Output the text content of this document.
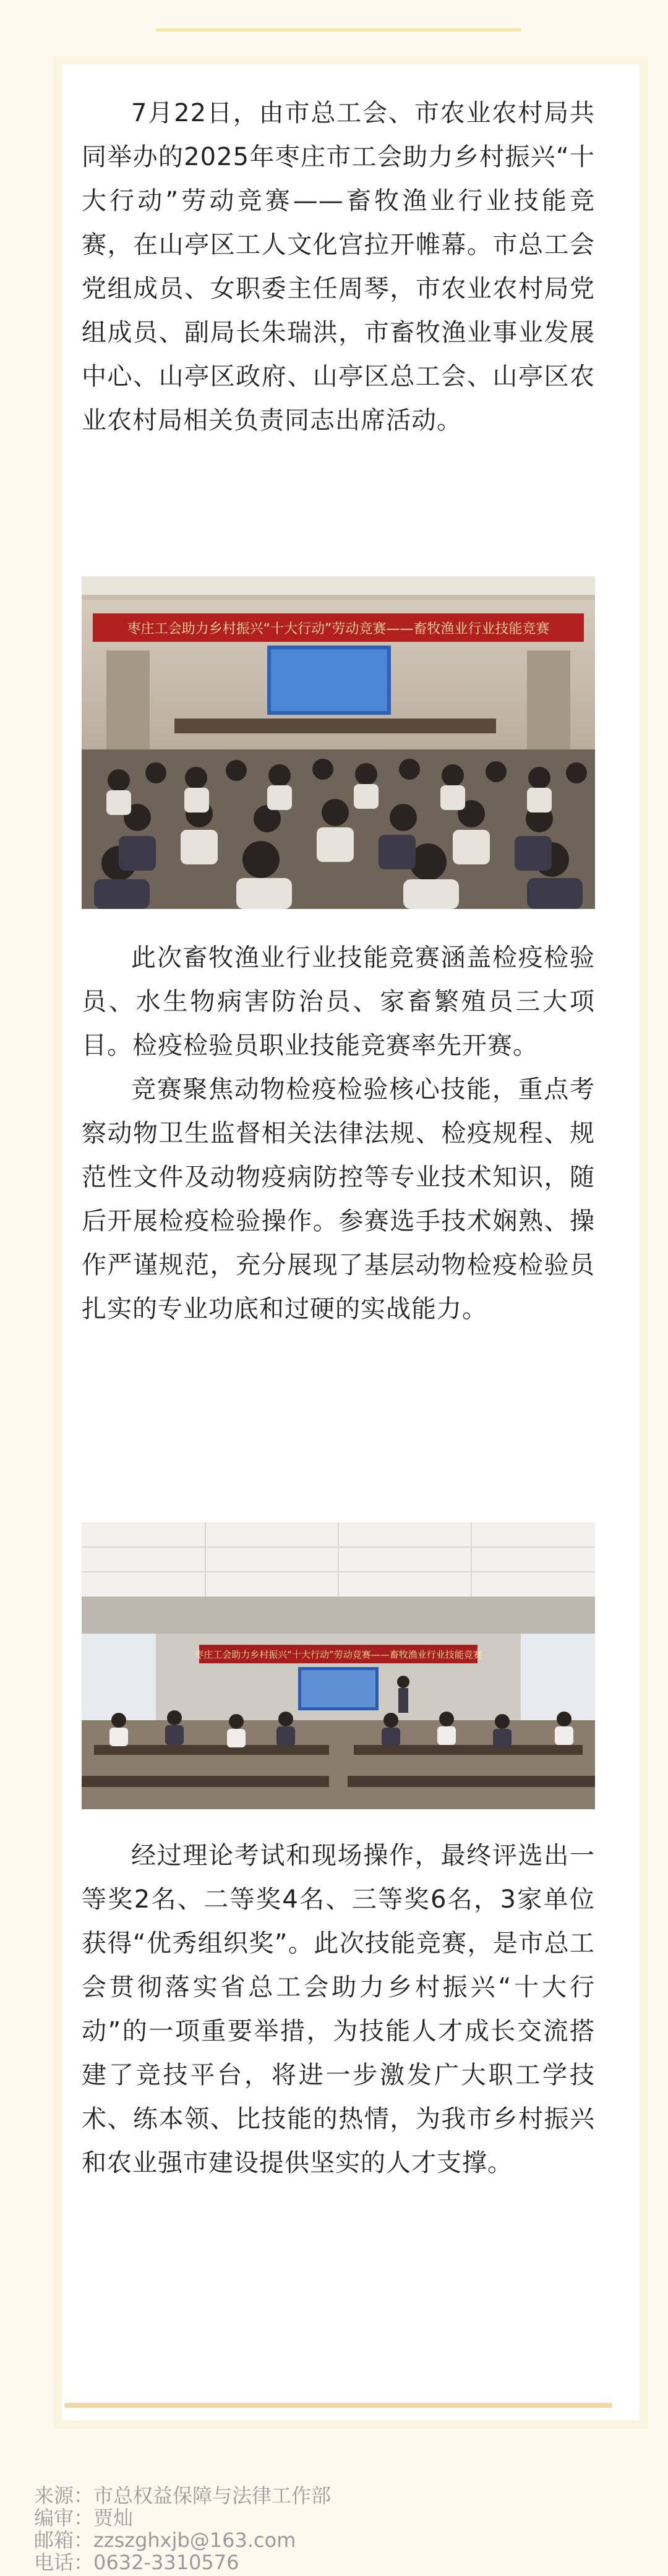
7月22日，由市总工会、市农业农村局共同举办的2025年枣庄市工会助力乡村振兴“十大行动”劳动竞赛——畜牧渔业行业技能竞赛，在山亭区工人文化宫拉开帷幕。市总工会党组成员、女职委主任周琴，市农业农村局党组成员、副局长朱瑞洪，市畜牧渔业事业发展中心、山亭区政府、山亭区总工会、山亭区农业农村局相关负责同志出席活动。

枣庄工会助力乡村振兴“十大行动”劳动竞赛——畜牧渔业行业技能竞赛

此次畜牧渔业行业技能竞赛涵盖检疫检验员、水生物病害防治员、家畜繁殖员三大项目。检疫检验员职业技能竞赛率先开赛。

竞赛聚焦动物检疫检验核心技能，重点考察动物卫生监督相关法律法规、检疫规程、规范性文件及动物疫病防控等专业技术知识，随后开展检疫检验操作。参赛选手技术娴熟、操作严谨规范，充分展现了基层动物检疫检验员扎实的专业功底和过硬的实战能力。

枣庄工会助力乡村振兴“十大行动”劳动竞赛——畜牧渔业行业技能竞赛

经过理论考试和现场操作，最终评选出一等奖2名、二等奖4名、三等奖6名，3家单位获得“优秀组织奖”。此次技能竞赛，是市总工会贯彻落实省总工会助力乡村振兴“十大行动”的一项重要举措，为技能人才成长交流搭建了竞技平台，将进一步激发广大职工学技术、练本领、比技能的热情，为我市乡村振兴和农业强市建设提供坚实的人才支撑。

来源：市总权益保障与法律工作部
编审：贾灿
邮箱：zzszghxjb@163.com
电话：0632-3310576
